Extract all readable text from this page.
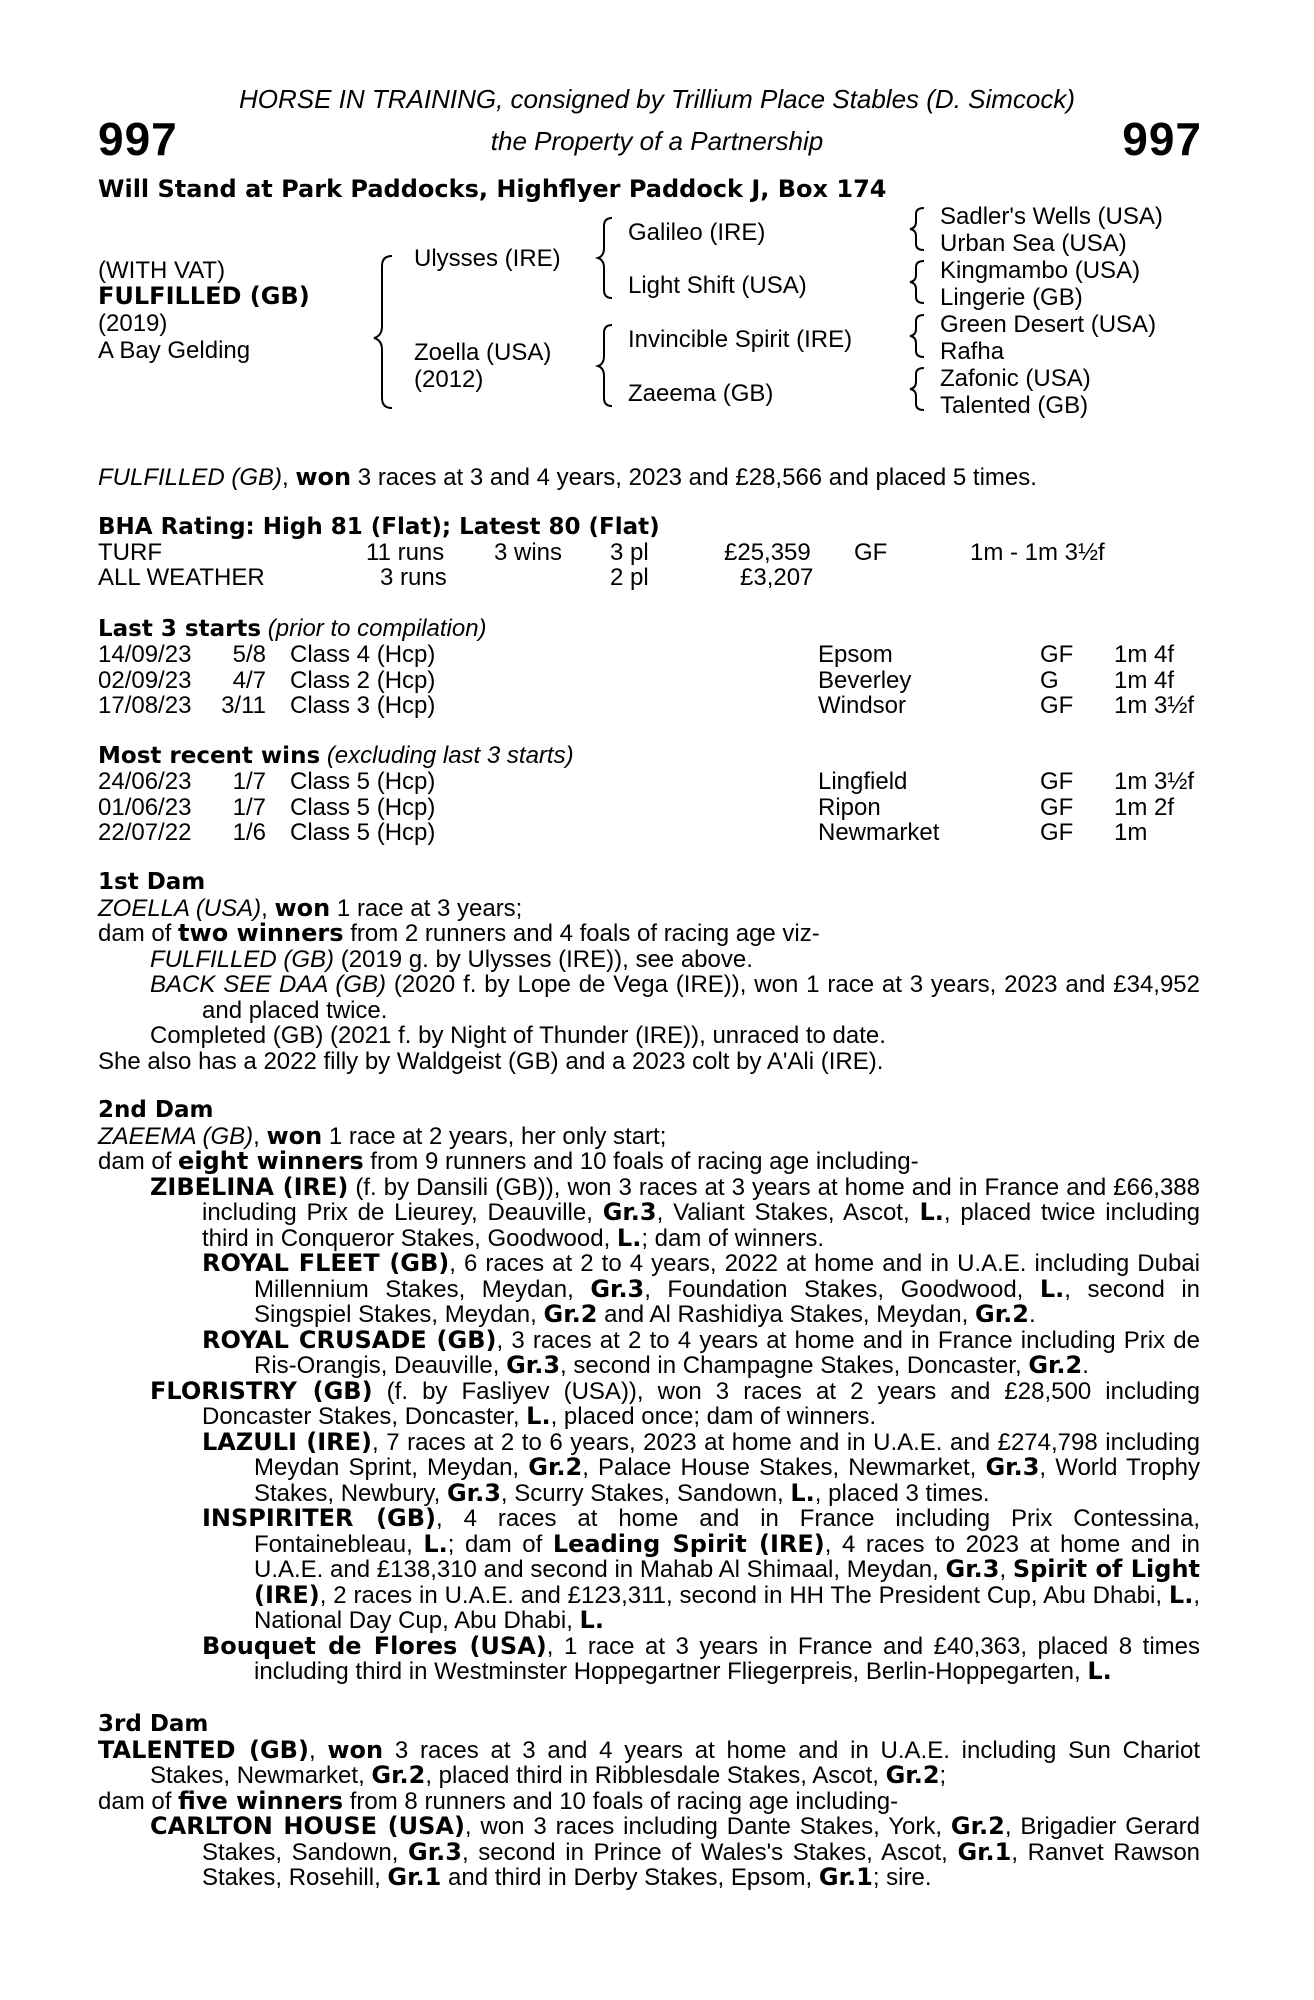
997	997
HORSE IN TRAINING, consigned by Trillium Place Stables (D. Simcock)
the Property of a Partnership
Will Stand at Park Paddocks, Highflyer Paddock J, Box 174
(WITH VAT)
FULFILLED (GB)
(2019)
A Bay Gelding
Ulysses (IRE)
Zoella (USA)
(2012)
Galileo (IRE)
Light Shift (USA)
Invincible Spirit (IRE)
Zaeema (GB)
Sadler's Wells (USA)
Urban Sea (USA)
Kingmambo (USA)
Lingerie (GB)
Green Desert (USA)
Rafha
Zafonic (USA)
Talented (GB)
FULFILLED (GB), won 3 races at 3 and 4 years, 2023 and £28,566 and placed 5 times.
BHA Rating: High 81 (Flat); Latest 80 (Flat)
TURF	11 runs 3 wins 3 pl	£25,359 GF	1m - 1m 3½f
ALL WEATHER	3 runs	2 pl	£3,207
Last 3 starts (prior to compilation)
14/09/23	5/8 Class 4 (Hcp)	Epsom	GF 1m 4f
02/09/23	4/7 Class 2 (Hcp)	Beverley	G 1m 4f
17/08/23	3/11 Class 3 (Hcp)	Windsor	GF 1m 3½f
Most recent wins (excluding last 3 starts)
24/06/23	1/7 Class 5 (Hcp)	Lingfield	GF 1m 3½f
01/06/23	1/7 Class 5 (Hcp)	Ripon	GF 1m 2f
22/07/22	1/6 Class 5 (Hcp)	Newmarket	GF 1m

1st Dam

ZOELLA (USA), won 1 race at 3 years;

dam of two winners from 2 runners and 4 foals of racing age viz-

FULFILLED (GB) (2019 g. by Ulysses (IRE)), see above.

BACK SEE DAA (GB) (2020 f. by Lope de Vega (IRE)), won 1 race at 3 years, 2023 and £34,952 and placed twice.

Completed (GB) (2021 f. by Night of Thunder (IRE)), unraced to date.

She also has a 2022 filly by Waldgeist (GB) and a 2023 colt by A'Ali (IRE).

2nd Dam

ZAEEMA (GB), won 1 race at 2 years, her only start;

dam of eight winners from 9 runners and 10 foals of racing age including-

ZIBELINA (IRE) (f. by Dansili (GB)), won 3 races at 3 years at home and in France and £66,388 including Prix de Lieurey, Deauville, Gr.3, Valiant Stakes, Ascot, L., placed twice including third in Conqueror Stakes, Goodwood, L.; dam of winners.

ROYAL FLEET (GB), 6 races at 2 to 4 years, 2022 at home and in U.A.E. including Dubai Millennium Stakes, Meydan, Gr.3, Foundation Stakes, Goodwood, L., second in Singspiel Stakes, Meydan, Gr.2 and Al Rashidiya Stakes, Meydan, Gr.2.

ROYAL CRUSADE (GB), 3 races at 2 to 4 years at home and in France including Prix de Ris-Orangis, Deauville, Gr.3, second in Champagne Stakes, Doncaster, Gr.2.

FLORISTRY (GB) (f. by Fasliyev (USA)), won 3 races at 2 years and £28,500 including Doncaster Stakes, Doncaster, L., placed once; dam of winners.

LAZULI (IRE), 7 races at 2 to 6 years, 2023 at home and in U.A.E. and £274,798 including Meydan Sprint, Meydan, Gr.2, Palace House Stakes, Newmarket, Gr.3, World Trophy Stakes, Newbury, Gr.3, Scurry Stakes, Sandown, L., placed 3 times.

INSPIRITER (GB), 4 races at home and in France including Prix Contessina, Fontainebleau, L.; dam of Leading Spirit (IRE), 4 races to 2023 at home and in U.A.E. and £138,310 and second in Mahab Al Shimaal, Meydan, Gr.3, Spirit of Light (IRE), 2 races in U.A.E. and £123,311, second in HH The President Cup, Abu Dhabi, L., National Day Cup, Abu Dhabi, L.

Bouquet de Flores (USA), 1 race at 3 years in France and £40,363, placed 8 times including third in Westminster Hoppegartner Fliegerpreis, Berlin-Hoppegarten, L.

3rd Dam

TALENTED (GB), won 3 races at 3 and 4 years at home and in U.A.E. including Sun Chariot Stakes, Newmarket, Gr.2, placed third in Ribblesdale Stakes, Ascot, Gr.2;

dam of five winners from 8 runners and 10 foals of racing age including-

CARLTON HOUSE (USA), won 3 races including Dante Stakes, York, Gr.2, Brigadier Gerard Stakes, Sandown, Gr.3, second in Prince of Wales's Stakes, Ascot, Gr.1, Ranvet Rawson Stakes, Rosehill, Gr.1 and third in Derby Stakes, Epsom, Gr.1; sire.
